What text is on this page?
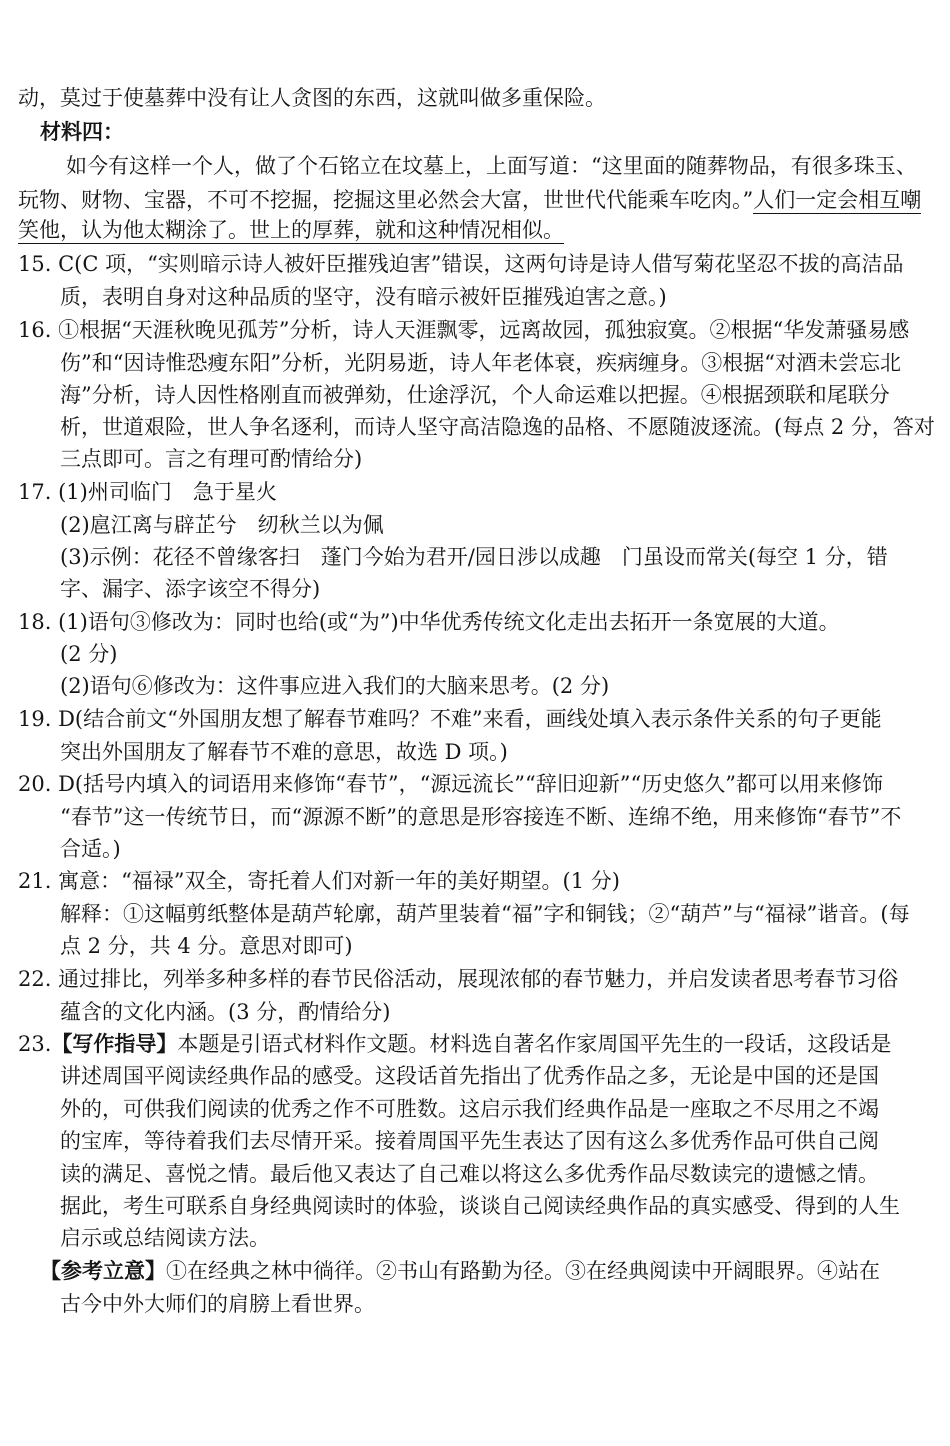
动，莫过于使墓葬中没有让人贪图的东西，这就叫做多重保险。
材料四：
如今有这样一个人，做了个石铭立在坟墓上，上面写道：“这里面的随葬物品，有很多珠玉、
玩物、财物、宝器，不可不挖掘，挖掘这里必然会大富，世世代代能乘车吃肉。”人们一定会相互嘲
笑他，认为他太糊涂了。世上的厚葬，就和这种情况相似。
15. C(C 项，“实则暗示诗人被奸臣摧残迫害”错误，这两句诗是诗人借写菊花坚忍不拔的高洁品
质，表明自身对这种品质的坚守，没有暗示被奸臣摧残迫害之意。)
16. ①根据“天涯秋晚见孤芳”分析，诗人天涯飘零，远离故园，孤独寂寞。②根据“华发萧骚易感
伤”和“因诗惟恐瘦东阳”分析，光阴易逝，诗人年老体衰，疾病缠身。③根据“对酒未尝忘北
海”分析，诗人因性格刚直而被弹劾，仕途浮沉，个人命运难以把握。④根据颈联和尾联分
析，世道艰险，世人争名逐利，而诗人坚守高洁隐逸的品格、不愿随波逐流。(每点 2 分，答对
三点即可。言之有理可酌情给分)
17. (1)州司临门　急于星火
(2)扈江离与辟芷兮　纫秋兰以为佩
(3)示例：花径不曾缘客扫　蓬门今始为君开/园日涉以成趣　门虽设而常关(每空 1 分，错
字、漏字、添字该空不得分)
18. (1)语句③修改为：同时也给(或“为”)中华优秀传统文化走出去拓开一条宽展的大道。
(2 分)
(2)语句⑥修改为：这件事应进入我们的大脑来思考。(2 分)
19. D(结合前文“外国朋友想了解春节难吗？不难”来看，画线处填入表示条件关系的句子更能
突出外国朋友了解春节不难的意思，故选 D 项。)
20. D(括号内填入的词语用来修饰“春节”，“源远流长”“辞旧迎新”“历史悠久”都可以用来修饰
“春节”这一传统节日，而“源源不断”的意思是形容接连不断、连绵不绝，用来修饰“春节”不
合适。)
21. 寓意：“福禄”双全，寄托着人们对新一年的美好期望。(1 分)
解释：①这幅剪纸整体是葫芦轮廓，葫芦里装着“福”字和铜钱；②“葫芦”与“福禄”谐音。(每
点 2 分，共 4 分。意思对即可)
22. 通过排比，列举多种多样的春节民俗活动，展现浓郁的春节魅力，并启发读者思考春节习俗
蕴含的文化内涵。(3 分，酌情给分)
23.【写作指导】本题是引语式材料作文题。材料选自著名作家周国平先生的一段话，这段话是
讲述周国平阅读经典作品的感受。这段话首先指出了优秀作品之多，无论是中国的还是国
外的，可供我们阅读的优秀之作不可胜数。这启示我们经典作品是一座取之不尽用之不竭
的宝库，等待着我们去尽情开采。接着周国平先生表达了因有这么多优秀作品可供自己阅
读的满足、喜悦之情。最后他又表达了自己难以将这么多优秀作品尽数读完的遗憾之情。
据此，考生可联系自身经典阅读时的体验，谈谈自己阅读经典作品的真实感受、得到的人生
启示或总结阅读方法。
【参考立意】①在经典之林中徜徉。②书山有路勤为径。③在经典阅读中开阔眼界。④站在
古今中外大师们的肩膀上看世界。
